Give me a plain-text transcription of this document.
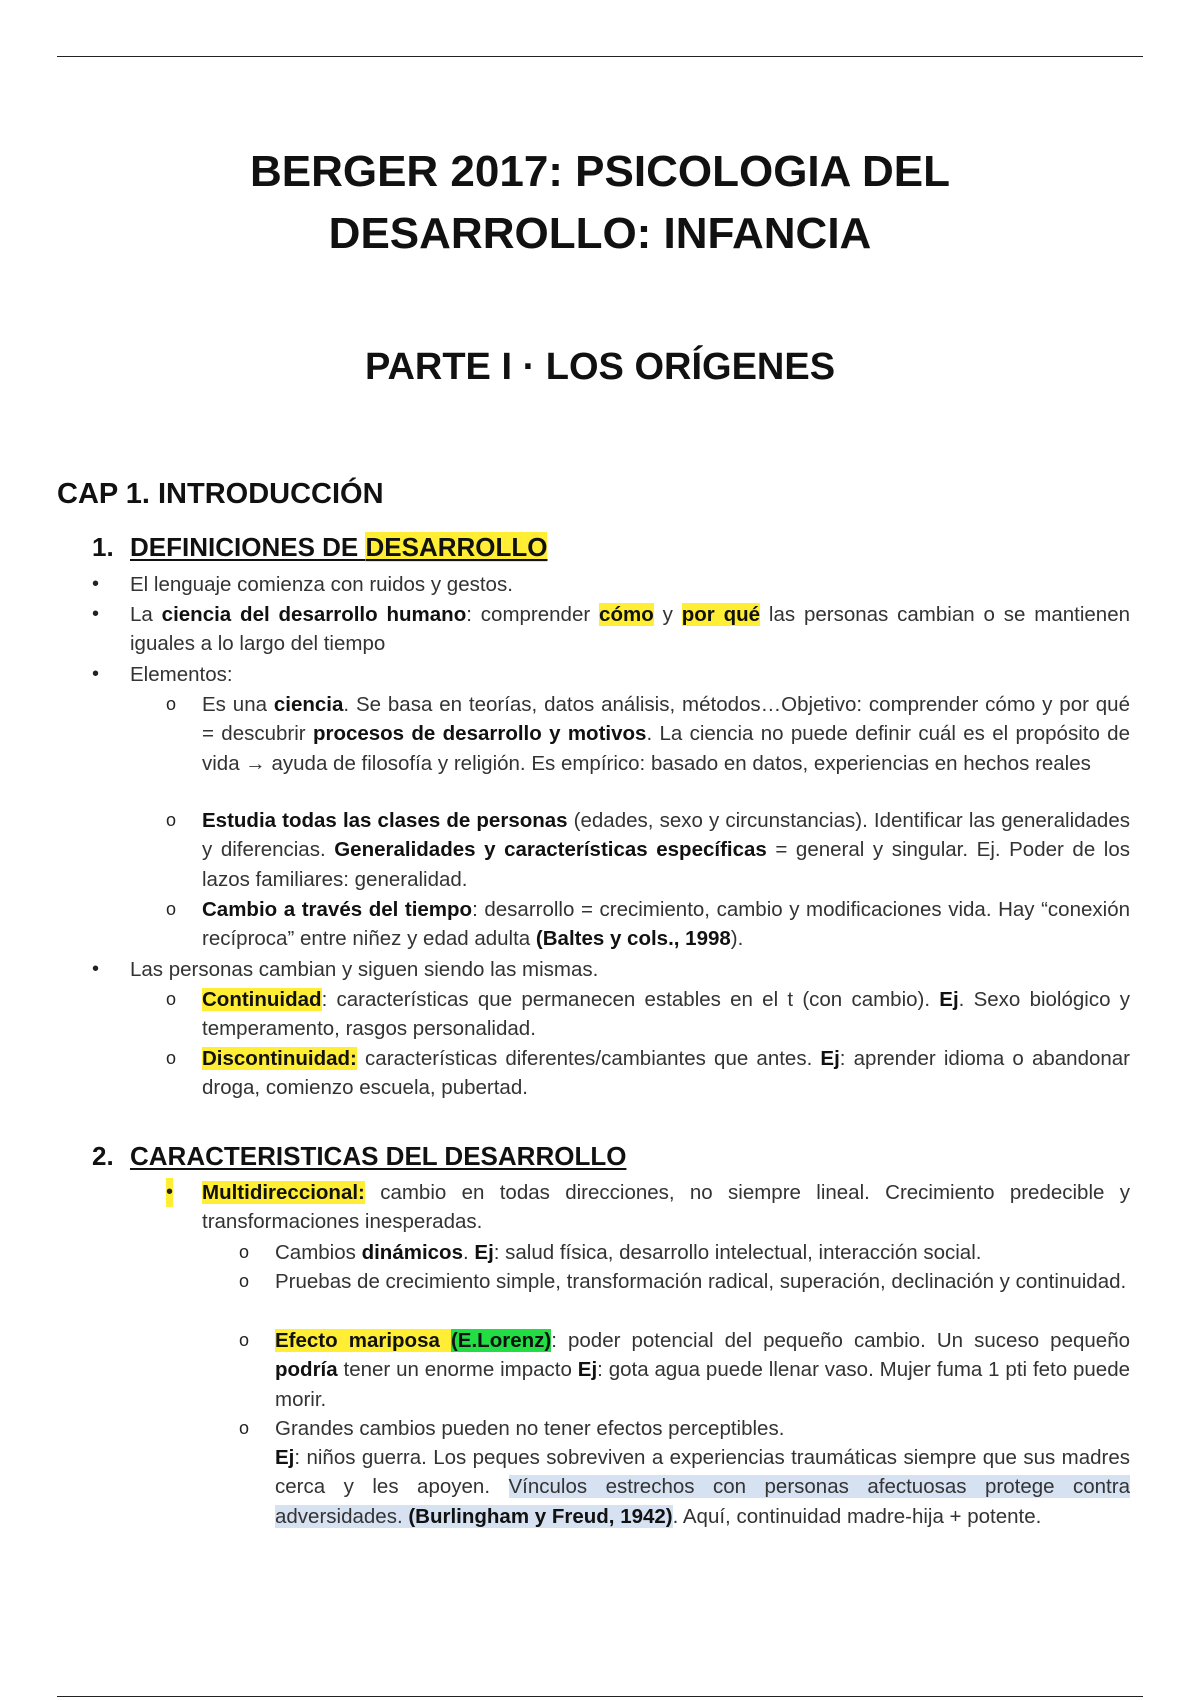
BERGER 2017: PSICOLOGIA DEL
DESARROLLO: INFANCIA
PARTE I · LOS ORÍGENES
CAP 1. INTRODUCCIÓN
1. DEFINICIONES DE DESARROLLO
• El lenguaje comienza con ruidos y gestos.
• La ciencia del desarrollo humano: comprender cómo y por qué las personas cambian o se mantienen iguales a lo largo del tiempo
• Elementos:
o Es una ciencia. Se basa en teorías, datos análisis, métodos…Objetivo: comprender cómo y por qué = descubrir procesos de desarrollo y motivos. La ciencia no puede definir cuál es el propósito de vida → ayuda de filosofía y religión. Es empírico: basado en datos, experiencias en hechos reales
o Estudia todas las clases de personas (edades, sexo y circunstancias). Identificar las generalidades y diferencias. Generalidades y características específicas = general y singular. Ej. Poder de los lazos familiares: generalidad.
o Cambio a través del tiempo: desarrollo = crecimiento, cambio y modificaciones vida. Hay “conexión recíproca” entre niñez y edad adulta (Baltes y cols., 1998).
• Las personas cambian y siguen siendo las mismas.
o Continuidad: características que permanecen estables en el t (con cambio). Ej. Sexo biológico y temperamento, rasgos personalidad.
o Discontinuidad: características diferentes/cambiantes que antes. Ej: aprender idioma o abandonar droga, comienzo escuela, pubertad.
2. CARACTERISTICAS DEL DESARROLLO
• Multidireccional: cambio en todas direcciones, no siempre lineal. Crecimiento predecible y transformaciones inesperadas.
o Cambios dinámicos. Ej: salud física, desarrollo intelectual, interacción social.
o Pruebas de crecimiento simple, transformación radical, superación, declinación y continuidad.
o Efecto mariposa (E.Lorenz): poder potencial del pequeño cambio. Un suceso pequeño podría tener un enorme impacto Ej: gota agua puede llenar vaso. Mujer fuma 1 pti feto puede morir.
o Grandes cambios pueden no tener efectos perceptibles.
Ej: niños guerra. Los peques sobreviven a experiencias traumáticas siempre que sus madres cerca y les apoyen. Vínculos estrechos con personas afectuosas protege contra adversidades. (Burlingham y Freud, 1942). Aquí, continuidad madre-hija + potente.
